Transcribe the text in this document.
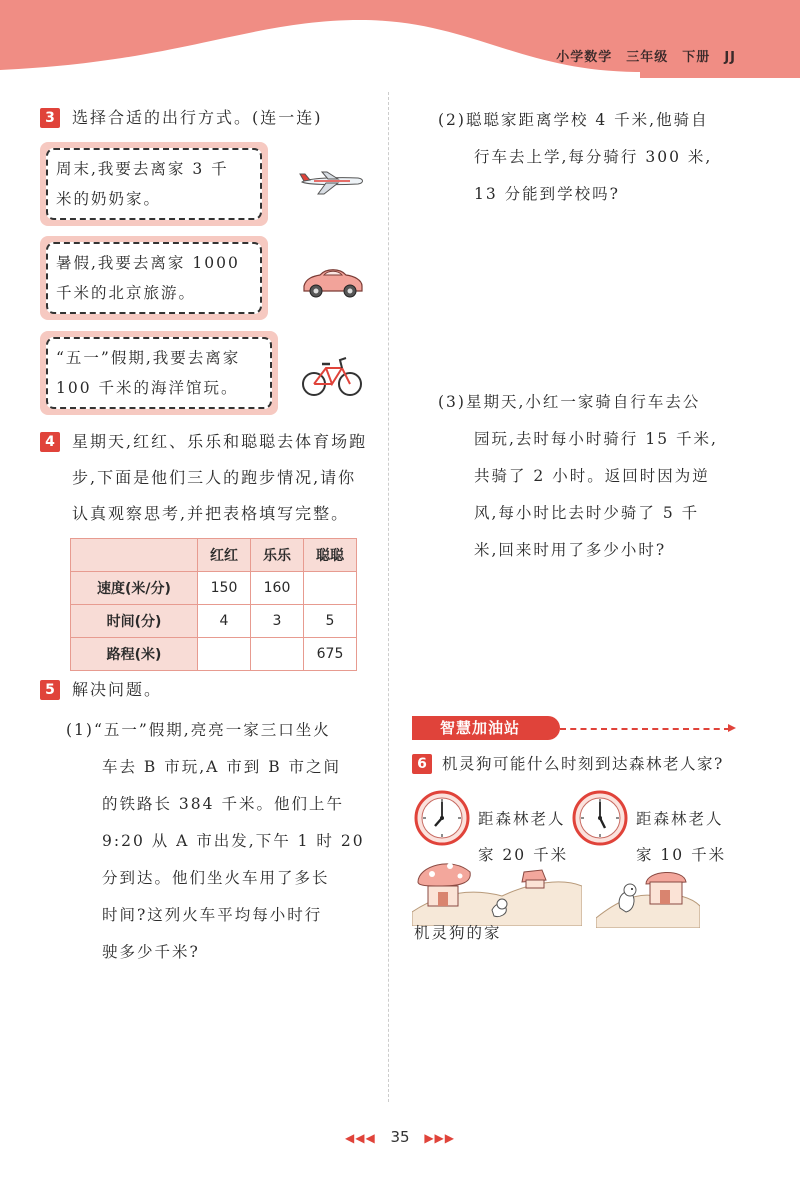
小学数学 三年级 下册 JJ
3	选择合适的出行方式。(连一连)
周末,我要去离家 3 千
米的奶奶家。
暑假,我要去离家 1000
千米的北京旅游。
“五一”假期,我要去离家
100 千米的海洋馆玩。
4	星期天,红红、乐乐和聪聪去体育场跑
步,下面是他们三人的跑步情况,请你
认真观察思考,并把表格填写完整。
	红红	乐乐	聪聪
速度(米/分)	150	160	
时间(分)	4	3	5
路程(米)			675
5	解决问题。
(1)“五一”假期,亮亮一家三口坐火
车去 B 市玩,A 市到 B 市之间
的铁路长 384 千米。他们上午
9:20 从 A 市出发,下午 1 时 20
分到达。他们坐火车用了多长
时间?这列火车平均每小时行
驶多少千米?
(2)聪聪家距离学校 4 千米,他骑自
行车去上学,每分骑行 300 米,
13 分能到学校吗?
(3)星期天,小红一家骑自行车去公
园玩,去时每小时骑行 15 千米,
共骑了 2 小时。返回时因为逆
风,每小时比去时少骑了 5 千
米,回来时用了多少小时?
智慧加油站
6 机灵狗可能什么时刻到达森林老人家?
距森林老人
家 20 千米
距森林老人
家 10 千米
机灵狗的家
◀◀◀ 35 ▶▶▶
